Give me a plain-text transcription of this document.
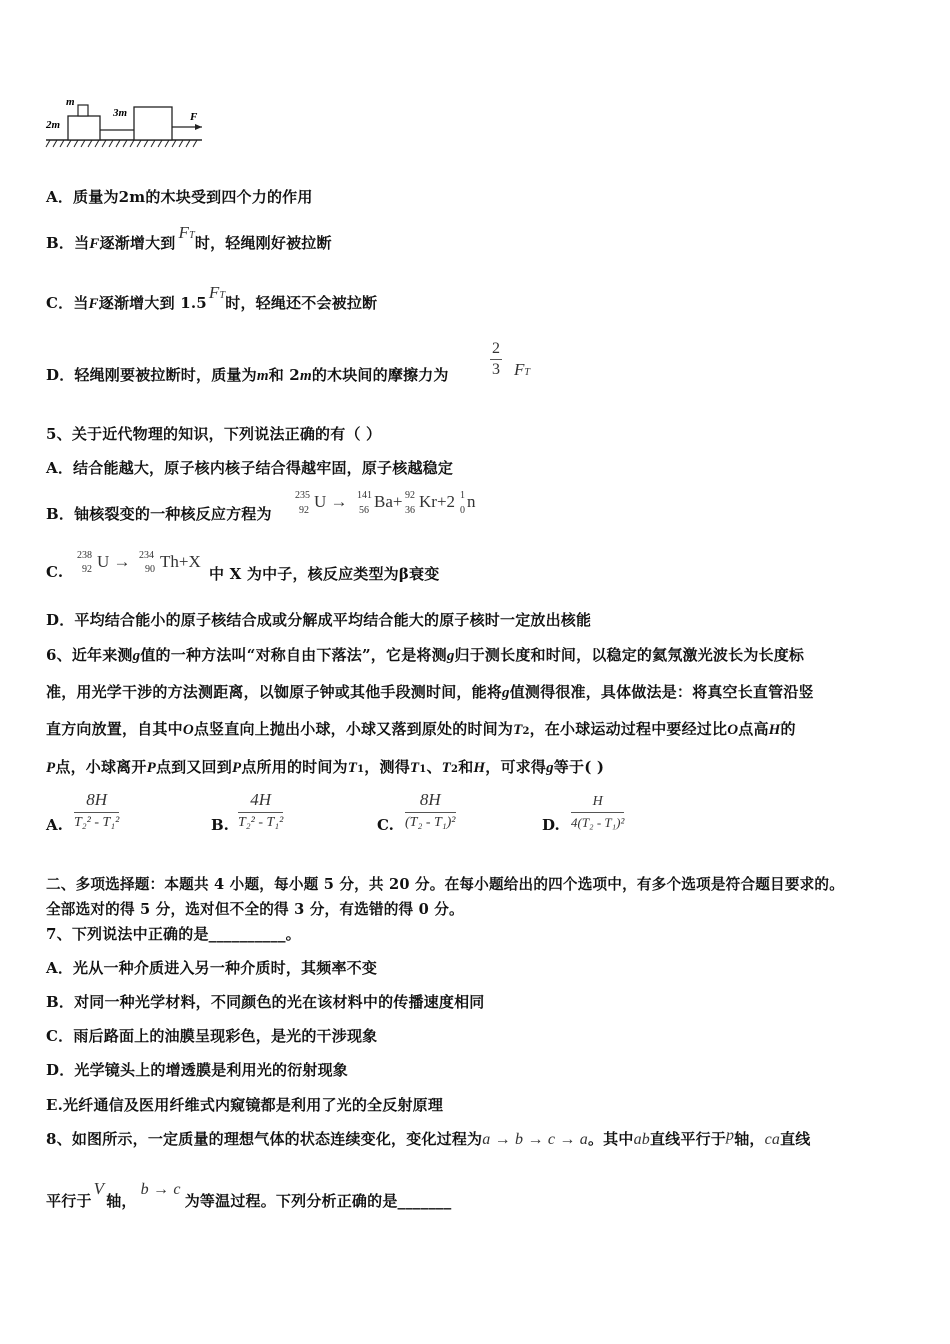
2m
m
3m	F
A．质量为2m的木块受到四个力的作用
B．当F逐渐增大到FT时，轻绳刚好被拉断
C．当F逐渐增大到 1.5FT时，轻绳还不会被拉断
D．轻绳刚要被拉断时，质量为m和 2m的木块间的摩擦力为	$\frac{2}{3}$ FT
5、关于近代物理的知识，下列说法正确的有（ ）
A．结合能越大，原子核内核子结合得越牢固，原子核越稳定
B．铀核裂变的一种核反应方程为
235
92 U → 141
56 Ba+ 92
36 Kr+2 1
0 n
C.
238
92 U → 234
90 Th+X
中 X 为中子，核反应类型为β衰变
D．平均结合能小的原子核结合成或分解成平均结合能大的原子核时一定放出核能
6、近年来测g值的一种方法叫“对称自由下落法”，它是将测g归于测长度和时间，以稳定的氦氖激光波长为长度标
准，用光学干涉的方法测距离，以铷原子钟或其他手段测时间，能将g值测得很准，具体做法是：将真空长直管沿竖
直方向放置，自其中O点竖直向上抛出小球，小球又落到原处的时间为T2，在小球运动过程中要经过比O点高H的
P点，小球离开P点到又回到P点所用的时间为T1，测得T1、T2和H，可求得g等于( )
A.
8H
T₂² - T₁²	B.
4H
T₂² - T₁²	C.
8H
(T₂ - T₁)²	D. $\frac{H}{\text{4(T₂ - T₁)²}}$
二、多项选择题：本题共 4 小题，每小题 5 分，共 20 分。在每小题给出的四个选项中，有多个选项是符合题目要求的。
全部选对的得 5 分，选对但不全的得 3 分，有选错的得 0 分。
7、下列说法中正确的是__________。
A．光从一种介质进入另一种介质时，其频率不变
B．对同一种光学材料，不同颜色的光在该材料中的传播速度相同
C．雨后路面上的油膜呈现彩色，是光的干涉现象
D．光学镜头上的增透膜是利用光的衍射现象
E.光纤通信及医用纤维式内窥镜都是利用了光的全反射原理
8、如图所示，一定质量的理想气体的状态连续变化，变化过程为a → b → c → a。其中ab直线平行于p轴，ca直线
平行于V轴，b → c为等温过程。下列分析正确的是_______
